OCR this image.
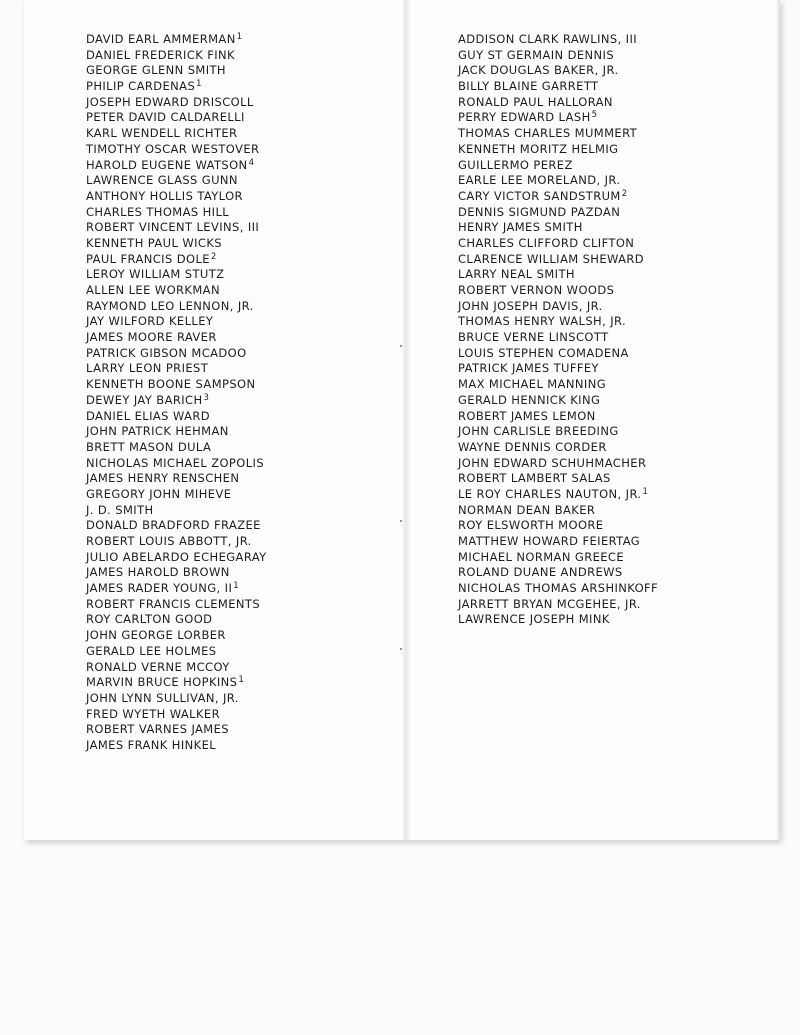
DAVID EARL AMMERMAN$^1$
DANIEL FREDERICK FINK
GEORGE GLENN SMITH
PHILIP CARDENAS$^1$
JOSEPH EDWARD DRISCOLL
PETER DAVID CALDARELLI
KARL WENDELL RICHTER
TIMOTHY OSCAR WESTOVER
HAROLD EUGENE WATSON$^4$
LAWRENCE GLASS GUNN
ANTHONY HOLLIS TAYLOR
CHARLES THOMAS HILL
ROBERT VINCENT LEVINS, III
KENNETH PAUL WICKS
PAUL FRANCIS DOLE$^2$
LEROY WILLIAM STUTZ
ALLEN LEE WORKMAN
RAYMOND LEO LENNON, JR.
JAY WILFORD KELLEY
JAMES MOORE RAVER
PATRICK GIBSON MCADOO
LARRY LEON PRIEST
KENNETH BOONE SAMPSON
DEWEY JAY BARICH$^3$
DANIEL ELIAS WARD
JOHN PATRICK HEHMAN
BRETT MASON DULA
NICHOLAS MICHAEL ZOPOLIS
JAMES HENRY RENSCHEN
GREGORY JOHN MIHEVE
J. D. SMITH
DONALD BRADFORD FRAZEE
ROBERT LOUIS ABBOTT, JR.
JULIO ABELARDO ECHEGARAY
JAMES HAROLD BROWN
JAMES RADER YOUNG, $II^1$
ROBERT FRANCIS CLEMENTS
ROY CARLTON GOOD
JOHN GEORGE LORBER
GERALD LEE HOLMES
RONALD VERNE MCCOY
MARVIN BRUCE HOPKINS$^1$
JOHN LYNN SULLIVAN, JR.
FRED WYETH WALKER
ROBERT VARNES JAMES
JAMES FRANK HINKEL
ADDISON CLARK RAWLINS, III
GUY ST GERMAIN DENNIS
JACK DOUGLAS BAKER, JR.
BILLY BLAINE GARRETT
RONALD PAUL HALLORAN
PERRY EDWARD LASH$^5$
THOMAS CHARLES MUMMERT
KENNETH MORITZ HELMIG
GUILLERMO PEREZ
EARLE LEE MORELAND, JR.
CARY VICTOR SANDSTRUM$^2$
DENNIS SIGMUND PAZDAN
HENRY JAMES SMITH
CHARLES CLIFFORD CLIFTON
CLARENCE WILLIAM SHEWARD
LARRY NEAL SMITH
ROBERT VERNON WOODS
JOHN JOSEPH DAVIS, JR.
THOMAS HENRY WALSH, JR.
BRUCE VERNE LINSCOTT
LOUIS STEPHEN COMADENA
PATRICK JAMES TUFFEY
MAX MICHAEL MANNING
GERALD HENNICK KING
ROBERT JAMES LEMON
JOHN CARLISLE BREEDING
WAYNE DENNIS CORDER
JOHN EDWARD SCHUHMACHER
ROBERT LAMBERT SALAS
LE ROY CHARLES NAUTON, JR.$^1$
NORMAN DEAN BAKER
ROY ELSWORTH MOORE
MATTHEW HOWARD FEIERTAG
MICHAEL NORMAN GREECE
ROLAND DUANE ANDREWS
NICHOLAS THOMAS ARSHINKOFF
JARRETT BRYAN MCGEHEE, JR.
LAWRENCE JOSEPH MINK
